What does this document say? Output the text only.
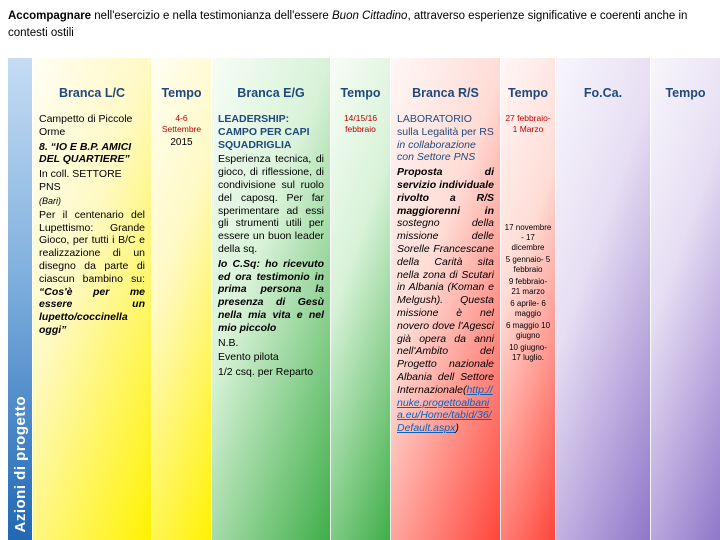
Accompagnare nell'esercizio e nella testimonianza dell'essere Buon Cittadino, attraverso esperienze significative e coerenti anche in contesti ostili
Azioni di progetto
Branca L/C

Campetto di Piccole Orme

8. “IO E B.P. AMICI DEL QUARTIERE”

In coll. SETTORE PNS

(Bari)

Per il centenario del Lupettismo: Grande Gioco, per tutti i B/C e realizzazione di un disegno da parte di ciascun bambino su: “Cos'è per me essere un lupetto/coccinella oggi”

Tempo

4-6 Settembre

2015

Branca E/G

LEADERSHIP: CAMPO PER CAPI SQUADRIGLIA

Esperienza tecnica, di gioco, di riflessione, di condivisione sul ruolo del caposq. Per far sperimentare ad essi gli strumenti utili per essere un buon leader della sq.

Io C.Sq: ho ricevuto ed ora testimonio in prima persona la presenza di Gesù nella mia vita e nel mio piccolo

N.B.

Evento pilota

1/2 csq. per Reparto

Tempo

14/15/16 febbraio

Branca R/S

LABORATORIO sulla Legalità per RS in collaborazione con Settore PNS

Proposta di servizio individuale rivolto a R/S maggiorenni in sostegno della missione delle Sorelle Francescane della Carità sita nella zona di Scutari in Albania (Koman e Melgush). Questa missione è nel novero dove l'Agesci già opera da anni nell'Ambito del Progetto nazionale Albania dell Settore Internazionale(http://nuke.progettoalbania.eu/Home/tabid/36/Default.aspx)

Tempo

27 febbraio- 1 Marzo

17 novembre - 17 dicembre

5 gennaio- 5 febbraio

9 febbraio- 21 marzo

6 aprile- 6 maggio

6 maggio 10 giugno

10 giugno- 17 luglio.

Fo.Ca.	Tempo
